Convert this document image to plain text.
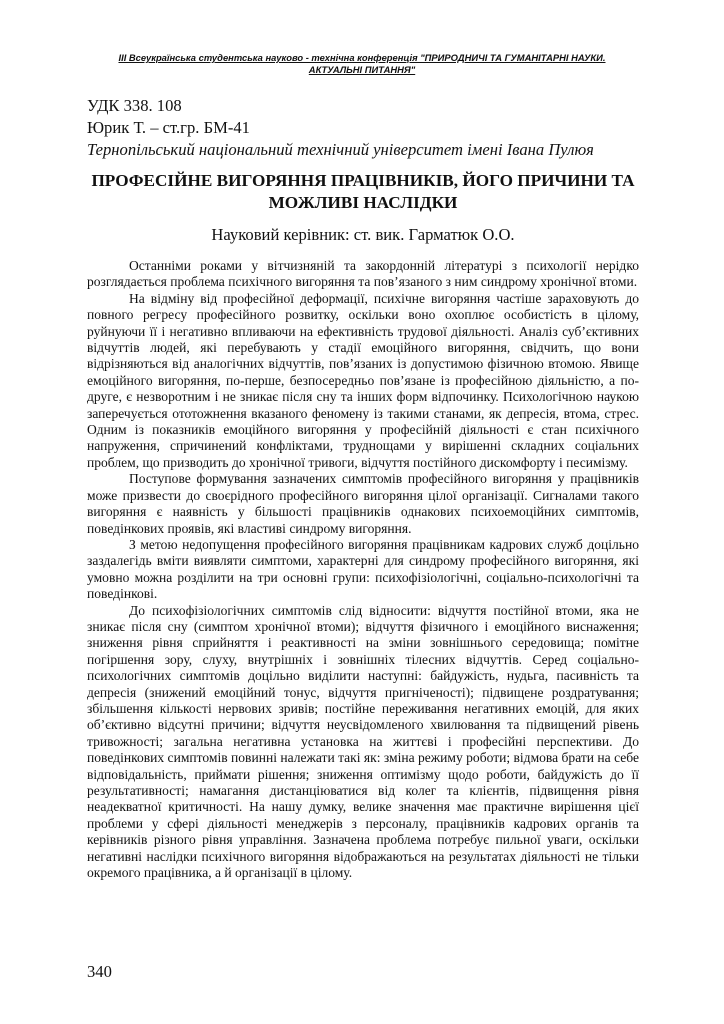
III Всеукраїнська студентська науково - технічна конференція "ПРИРОДНИЧІ ТА ГУМАНІТАРНІ НАУКИ.
АКТУАЛЬНІ ПИТАННЯ"
УДК 338. 108
Юрик Т. – ст.гр. БМ-41
Тернопільський національний технічний університет імені Івана Пулюя
ПРОФЕСІЙНЕ ВИГОРЯННЯ ПРАЦІВНИКІВ, ЙОГО ПРИЧИНИ ТА
МОЖЛИВІ НАСЛІДКИ
Науковий керівник: ст. вик. Гарматюк О.О.

Останніми роками у вітчизняній та закордонній літературі з психології нерідко розглядається проблема психічного вигоряння та пов’язаного з ним синдрому хронічної втоми.

На відміну від професійної деформації, психічне вигоряння частіше зараховують до повного регресу професійного розвитку, оскільки воно охоплює особистість в цілому, руйнуючи її і негативно впливаючи на ефективність трудової діяльності. Аналіз суб’єктивних відчуттів людей, які перебувають у стадії емоційного вигоряння, свідчить, що вони відрізняються від аналогічних відчуттів, пов’язаних із допустимою фізичною втомою. Явище емоційного вигоряння, по-перше, безпосередньо пов’язане із професійною діяльністю, а по-друге, є незворотним і не зникає після сну та інших форм відпочинку. Психологічною наукою заперечується ототожнення вказаного феномену із такими станами, як депресія, втома, стрес. Одним із показників емоційного вигоряння у професійній діяльності є стан психічного напруження, спричинений конфліктами, труднощами у вирішенні складних соціальних проблем, що призводить до хронічної тривоги, відчуття постійного дискомфорту і песимізму.

Поступове формування зазначених симптомів професійного вигоряння у працівників може призвести до своєрідного професійного вигоряння цілої організації. Сигналами такого вигоряння є наявність у більшості працівників однакових психоемоційних симптомів, поведінкових проявів, які властиві синдрому вигоряння.

З метою недопущення професійного вигоряння працівникам кадрових служб доцільно заздалегідь вміти виявляти симптоми, характерні для синдрому професійного вигоряння, які умовно можна розділити на три основні групи: психофізіологічні, соціально-психологічні та поведінкові.

До психофізіологічних симптомів слід відносити: відчуття постійної втоми, яка не зникає після сну (симптом хронічної втоми); відчуття фізичного і емоційного виснаження; зниження рівня сприйняття і реактивності на зміни зовнішнього середовища; помітне погіршення зору, слуху, внутрішніх і зовнішніх тілесних відчуттів. Серед соціально-психологічних симптомів доцільно виділити наступні: байдужість, нудьга, пасивність та депресія (знижений емоційний тонус, відчуття пригніченості); підвищене роздратування; збільшення кількості нервових зривів; постійне переживання негативних емоцій, для яких об’єктивно відсутні причини; відчуття неусвідомленого хвилювання та підвищений рівень тривожності; загальна негативна установка на життєві і професійні перспективи. До поведінкових симптомів повинні належати такі як: зміна режиму роботи; відмова брати на себе відповідальність, приймати рішення; зниження оптимізму щодо роботи, байдужість до її результативності; намагання дистанціюватися від колег та клієнтів, підвищення рівня неадекватної критичності. На нашу думку, велике значення має практичне вирішення цієї проблеми у сфері діяльності менеджерів з персоналу, працівників кадрових органів та керівників різного рівня управління. Зазначена проблема потребує пильної уваги, оскільки негативні наслідки психічного вигоряння відображаються на результатах діяльності не тільки окремого працівника, а й організації в цілому.

340
